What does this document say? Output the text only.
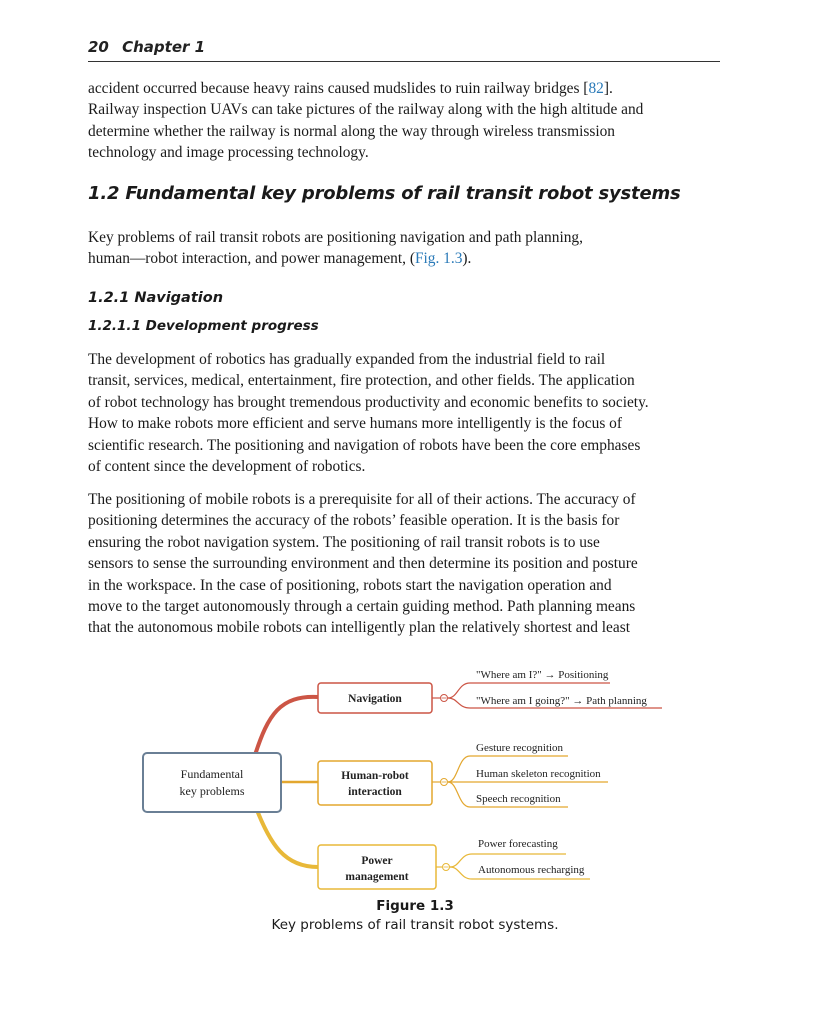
20 Chapter 1

accident occurred because heavy rains caused mudslides to ruin railway bridges [82].
Railway inspection UAVs can take pictures of the railway along with the high altitude and
determine whether the railway is normal along the way through wireless transmission
technology and image processing technology.

1.2 Fundamental key problems of rail transit robot systems

Key problems of rail transit robots are positioning navigation and path planning,
human—robot interaction, and power management, (Fig. 1.3).

1.2.1 Navigation
1.2.1.1 Development progress

The development of robotics has gradually expanded from the industrial field to rail
transit, services, medical, entertainment, fire protection, and other fields. The application
of robot technology has brought tremendous productivity and economic benefits to society.
How to make robots more efficient and serve humans more intelligently is the focus of
scientific research. The positioning and navigation of robots have been the core emphases
of content since the development of robotics.

The positioning of mobile robots is a prerequisite for all of their actions. The accuracy of
positioning determines the accuracy of the robots’ feasible operation. It is the basis for
ensuring the robot navigation system. The positioning of rail transit robots is to use
sensors to sense the surrounding environment and then determine its position and posture
in the workspace. In the case of positioning, robots start the navigation operation and
move to the target autonomously through a certain guiding method. Path planning means
that the autonomous mobile robots can intelligently plan the relatively shortest and least

Fundamental
key problems
Navigation
"Where am I?" → Positioning
"Where am I going?" → Path planning
Human-robot
interaction
Gesture recognition
Human skeleton recognition
Speech recognition
Power
management
Power forecasting
Autonomous recharging
Figure 1.3
Key problems of rail transit robot systems.
